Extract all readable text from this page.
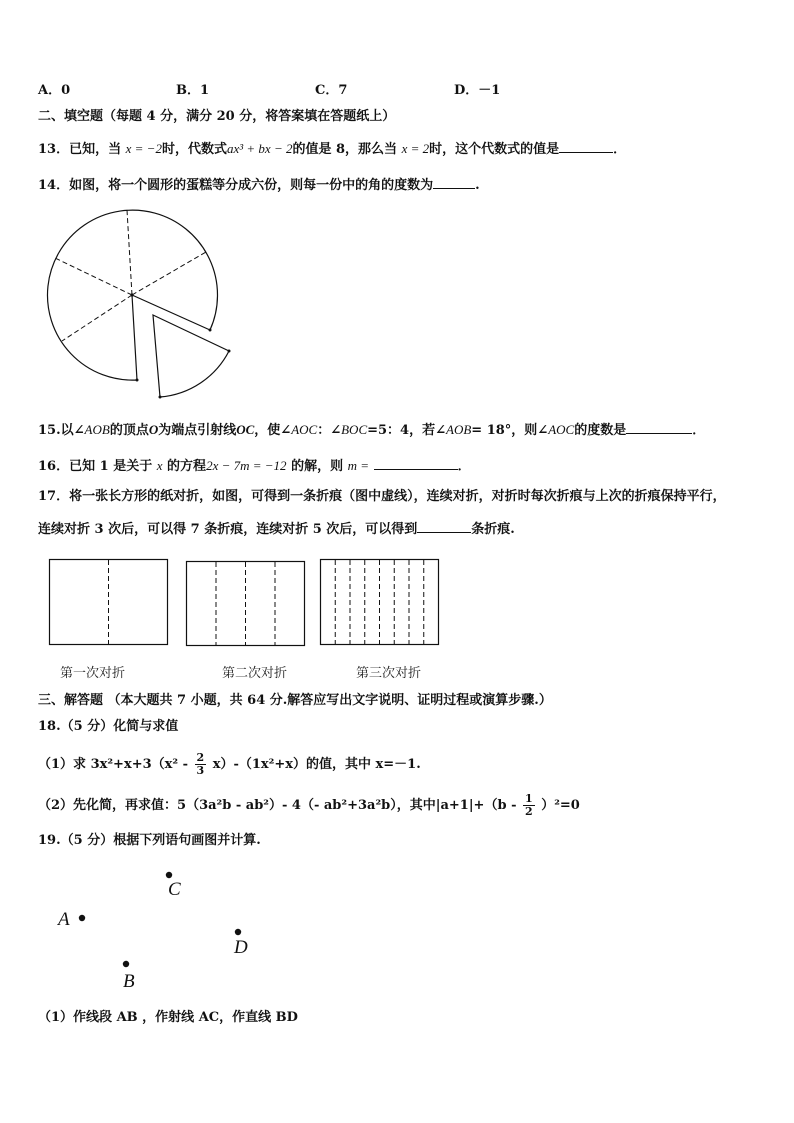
A．0	B．1	C．7	D．－1
二、填空题（每题 4 分，满分 20 分，将答案填在答题纸上）
13．已知，当 x = −2时，代数式ax³ + bx − 2的值是 8，那么当 x = 2时，这个代数式的值是	．
14．如图，将一个圆形的蛋糕等分成六份，则每一份中的角的度数为	.
15.以∠AOB的顶点O为端点引射线OC，使∠AOC：∠BOC=5：4，若∠AOB= 18°，则∠AOC的度数是	．
16．已知 1 是关于 x 的方程2x − 7m = −12 的解，则 m =	．
17．将一张长方形的纸对折，如图，可得到一条折痕（图中虚线），连续对折，对折时每次折痕与上次的折痕保持平行，
连续对折 3 次后，可以得 7 条折痕，连续对折 5 次后，可以得到	条折痕.
第一次对折	第二次对折	第三次对折
三、解答题 （本大题共 7 小题，共 64 分.解答应写出文字说明、证明过程或演算步骤.）
18.（5 分）化简与求值
（1）求 $3x^2+x+3(x^2 - \frac{2}{3} x)-(1x^2+x)$的值，其中 x=－1.
（2）先化简，再求值：5（3a²b - ab²）- 4（- ab²+3a²b），其中$|a+1|+(b - \frac{1}{2} )^2=0$
19.（5 分）根据下列语句画图并计算.
C
A
D
B
（1）作线段 AB ，作射线 AC，作直线 BD
